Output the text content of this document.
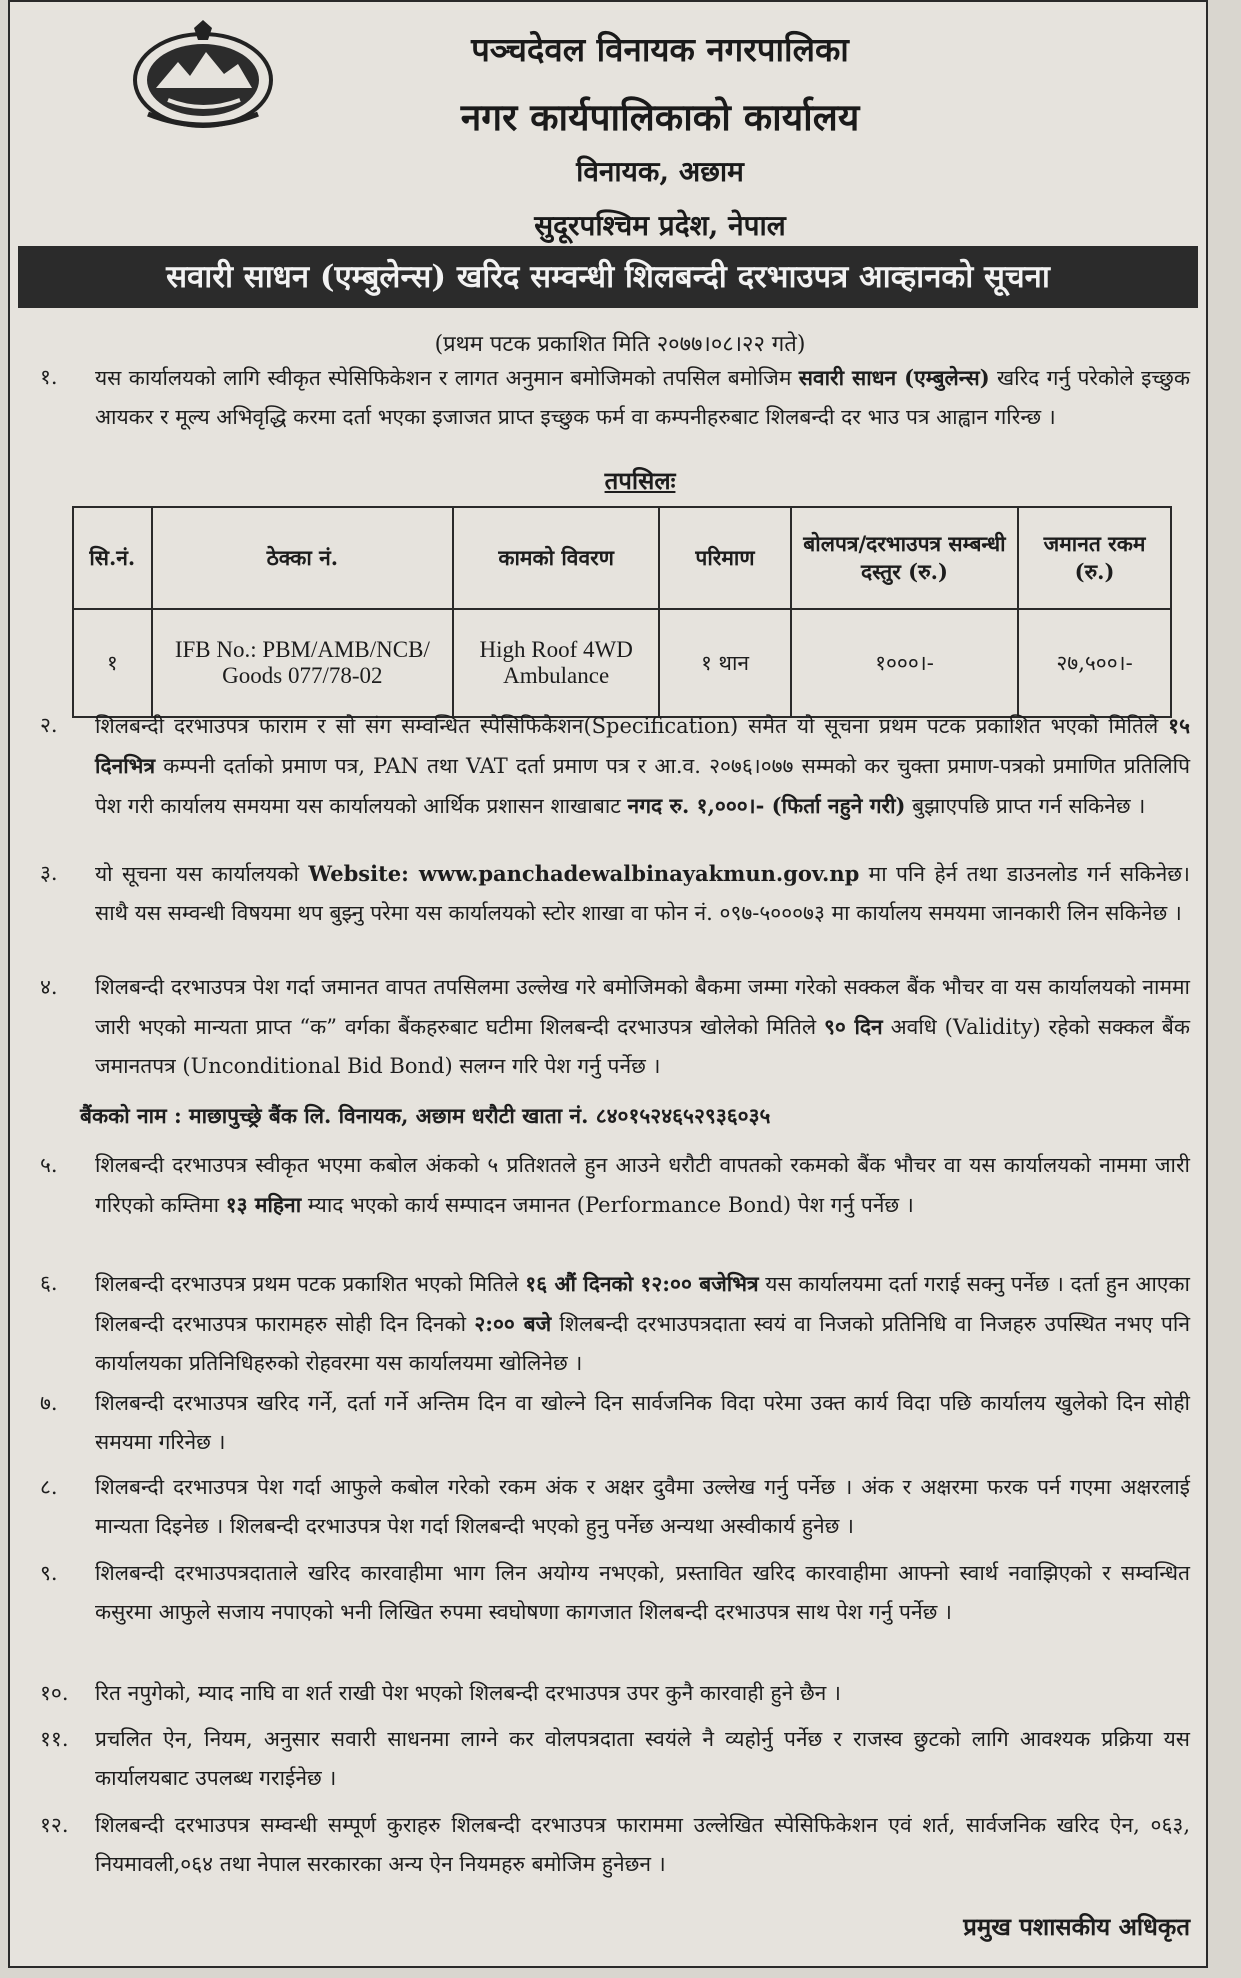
पञ्चदेवल विनायक नगरपालिका
नगर कार्यपालिकाको कार्यालय
विनायक, अछाम
सुदूरपश्चिम प्रदेश, नेपाल
सवारी साधन (एम्बुलेन्स) खरिद सम्वन्धी शिलबन्दी दरभाउपत्र आव्हानको सूचना
(प्रथम पटक प्रकाशित मिति २०७७।०८।२२ गते)
१.	यस कार्यालयको लागि स्वीकृत स्पेसिफिकेशन र लागत अनुमान बमोजिमको तपसिल बमोजिम सवारी साधन (एम्बुलेन्स) खरिद गर्नु परेकोले इच्छुक आयकर र मूल्य अभिवृद्धि करमा दर्ता भएका इजाजत प्राप्त इच्छुक फर्म वा कम्पनीहरुबाट शिलबन्दी दर भाउ पत्र आह्वान गरिन्छ ।
तपसिलः
सि.नं.	ठेक्का नं.	कामको विवरण	परिमाण	बोलपत्र/दरभाउपत्र सम्बन्धी दस्तुर (रु.)	जमानत रकम (रु.)
१	IFB No.: PBM/AMB/NCB/ Goods 077/78-02	High Roof 4WD Ambulance	१ थान	१०००।-	२७,५००।-
२.	शिलबन्दी दरभाउपत्र फाराम र सो संग सम्वन्धित स्पेसिफिकेशन(Specification) समेत यो सूचना प्रथम पटक प्रकाशित भएको मितिले १५ दिनभित्र कम्पनी दर्ताको प्रमाण पत्र, PAN तथा VAT दर्ता प्रमाण पत्र र आ.व. २०७६।०७७ सम्मको कर चुक्ता प्रमाण-पत्रको प्रमाणित प्रतिलिपि पेश गरी कार्यालय समयमा यस कार्यालयको आर्थिक प्रशासन शाखाबाट नगद रु. १,०००।- (फिर्ता नहुने गरी) बुझाएपछि प्राप्त गर्न सकिनेछ ।
३.	यो सूचना यस कार्यालयको Website: www.panchadewalbinayakmun.gov.np मा पनि हेर्न तथा डाउनलोड गर्न सकिनेछ। साथै यस सम्वन्धी विषयमा थप बुझ्नु परेमा यस कार्यालयको स्टोर शाखा वा फोन नं. ०९७-५०००७३ मा कार्यालय समयमा जानकारी लिन सकिनेछ ।
४.	शिलबन्दी दरभाउपत्र पेश गर्दा जमानत वापत तपसिलमा उल्लेख गरे बमोजिमको बैकमा जम्मा गरेको सक्कल बैंक भौचर वा यस कार्यालयको नाममा जारी भएको मान्यता प्राप्त “क” वर्गका बैंकहरुबाट घटीमा शिलबन्दी दरभाउपत्र खोलेको मितिले ९० दिन अवधि (Validity) रहेको सक्कल बैंक जमानतपत्र (Unconditional Bid Bond) सलग्न गरि पेश गर्नु पर्नेछ ।
बैंकको नाम : माछापुच्छ्रे बैंक लि. विनायक, अछाम धरौटी खाता नं. ८४०१५२४६५२९३६०३५
५.	शिलबन्दी दरभाउपत्र स्वीकृत भएमा कबोल अंकको ५ प्रतिशतले हुन आउने धरौटी वापतको रकमको बैंक भौचर वा यस कार्यालयको नाममा जारी गरिएको कम्तिमा १३ महिना म्याद भएको कार्य सम्पादन जमानत (Performance Bond) पेश गर्नु पर्नेछ ।
६.	शिलबन्दी दरभाउपत्र प्रथम पटक प्रकाशित भएको मितिले १६ औं दिनको १२:०० बजेभित्र यस कार्यालयमा दर्ता गराई सक्नु पर्नेछ । दर्ता हुन आएका शिलबन्दी दरभाउपत्र फारामहरु सोही दिन दिनको २:०० बजे शिलबन्दी दरभाउपत्रदाता स्वयं वा निजको प्रतिनिधि वा निजहरु उपस्थित नभए पनि कार्यालयका प्रतिनिधिहरुको रोहवरमा यस कार्यालयमा खोलिनेछ ।
७.	शिलबन्दी दरभाउपत्र खरिद गर्ने, दर्ता गर्ने अन्तिम दिन वा खोल्ने दिन सार्वजनिक विदा परेमा उक्त कार्य विदा पछि कार्यालय खुलेको दिन सोही समयमा गरिनेछ ।
८.	शिलबन्दी दरभाउपत्र पेश गर्दा आफुले कबोल गरेको रकम अंक र अक्षर दुवैमा उल्लेख गर्नु पर्नेछ । अंक र अक्षरमा फरक पर्न गएमा अक्षरलाई मान्यता दिइनेछ । शिलबन्दी दरभाउपत्र पेश गर्दा शिलबन्दी भएको हुनु पर्नेछ अन्यथा अस्वीकार्य हुनेछ ।
९.	शिलबन्दी दरभाउपत्रदाताले खरिद कारवाहीमा भाग लिन अयोग्य नभएको, प्रस्तावित खरिद कारवाहीमा आफ्नो स्वार्थ नवाझिएको र सम्वन्धित कसुरमा आफुले सजाय नपाएको भनी लिखित रुपमा स्वघोषणा कागजात शिलबन्दी दरभाउपत्र साथ पेश गर्नु पर्नेछ ।
१०.	रित नपुगेको, म्याद नाघि वा शर्त राखी पेश भएको शिलबन्दी दरभाउपत्र उपर कुनै कारवाही हुने छैन ।
११.	प्रचलित ऐन, नियम, अनुसार सवारी साधनमा लाग्ने कर वोलपत्रदाता स्वयंले नै व्यहोर्नु पर्नेछ र राजस्व छुटको लागि आवश्यक प्रक्रिया यस कार्यालयबाट उपलब्ध गराईनेछ ।
१२.	शिलबन्दी दरभाउपत्र सम्वन्धी सम्पूर्ण कुराहरु शिलबन्दी दरभाउपत्र फाराममा उल्लेखित स्पेसिफिकेशन एवं शर्त, सार्वजनिक खरिद ऐन, ०६३, नियमावली,०६४ तथा नेपाल सरकारका अन्य ऐन नियमहरु बमोजिम हुनेछन ।
प्रमुख पशासकीय अधिकृत
